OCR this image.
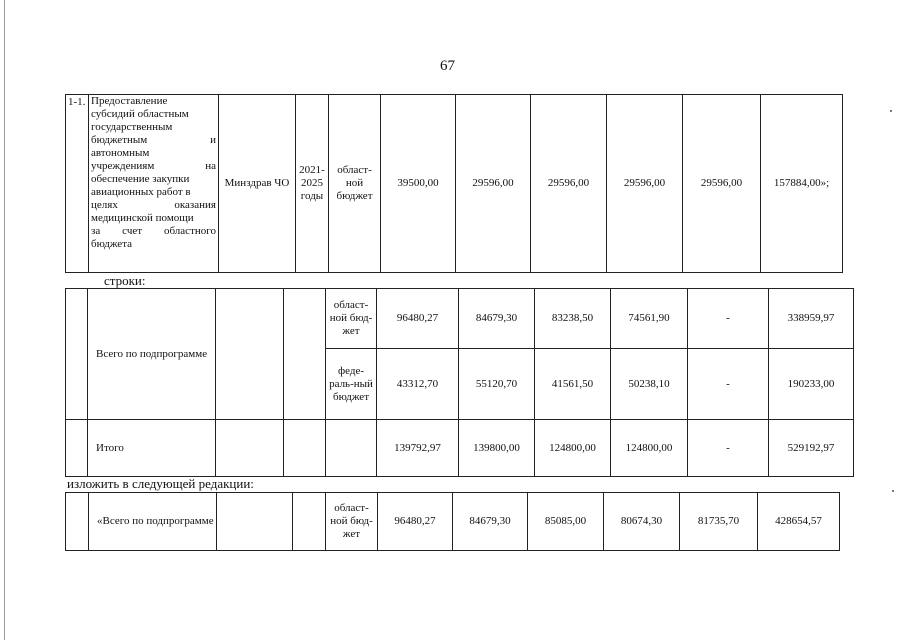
67
1-1.	Предоставление
субсидий областным
государственным
бюджетным и
автономным
учреждениям на
обеспечение закупки
авиационных работ в
целях оказания
медицинской помощи
за счет областного
бюджета
	Минздрав ЧО	2021-2025 годы	област-ной бюджет	39500,00	29596,00	29596,00	29596,00	29596,00	157884,00»;
строки:
	Всего по подпрограмме			област-ной бюд-жет	96480,27	84679,30	83238,50	74561,90	-	338959,97
				феде-раль-ный бюджет	43312,70	55120,70	41561,50	50238,10	-	190233,00
	Итого				139792,97	139800,00	124800,00	124800,00	-	529192,97
изложить в следующей редакции:
	«Всего по подпрограмме			област-ной бюд-жет	96480,27	84679,30	85085,00	80674,30	81735,70	428654,57
